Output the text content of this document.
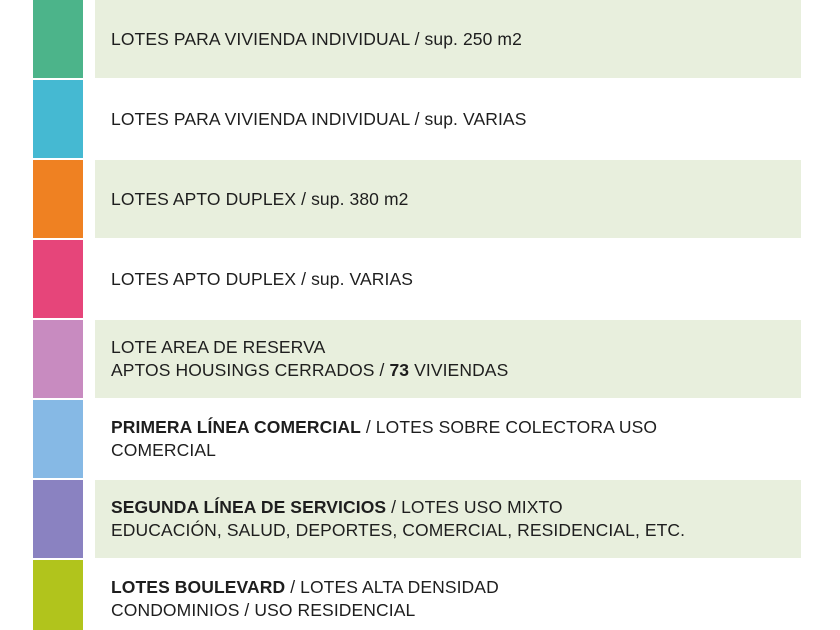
LOTES PARA VIVIENDA INDIVIDUAL / sup. 250 m2
LOTES PARA VIVIENDA INDIVIDUAL / sup. VARIAS
LOTES APTO DUPLEX / sup. 380 m2
LOTES APTO DUPLEX / sup. VARIAS
LOTE AREA DE RESERVA
APTOS HOUSINGS CERRADOS / 73 VIVIENDAS
PRIMERA LÍNEA COMERCIAL / LOTES SOBRE COLECTORA USO
COMERCIAL
SEGUNDA LÍNEA DE SERVICIOS / LOTES USO MIXTO
EDUCACIÓN, SALUD, DEPORTES, COMERCIAL, RESIDENCIAL, ETC.
LOTES BOULEVARD / LOTES ALTA DENSIDAD
CONDOMINIOS / USO RESIDENCIAL
